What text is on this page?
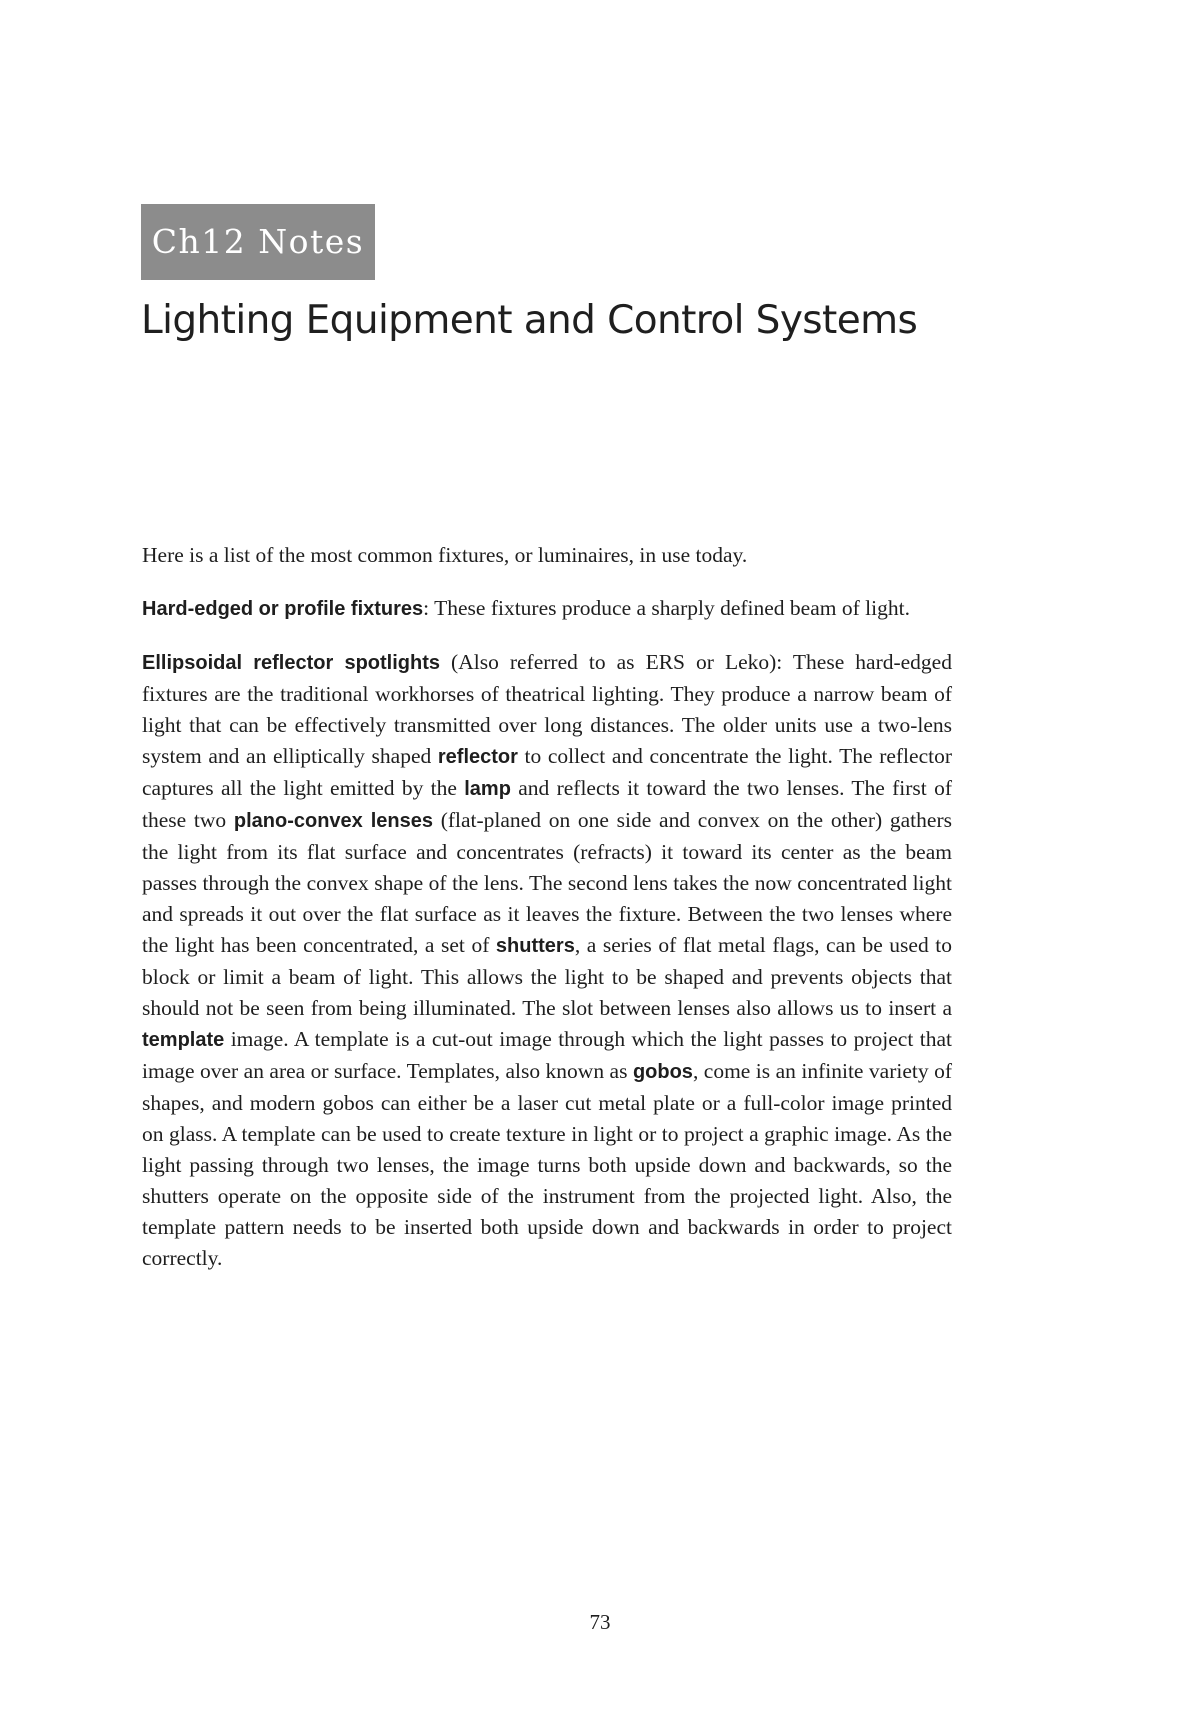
Ch12 Notes
Lighting Equipment and Control Systems

Here is a list of the most common fixtures, or luminaires, in use today.

Hard-edged or profile fixtures: These fixtures produce a sharply defined beam of light.

Ellipsoidal reflector spotlights (Also referred to as ERS or Leko): These hard-edged fixtures are the traditional workhorses of theatrical lighting. They produce a narrow beam of light that can be effectively transmitted over long distances. The older units use a two-lens system and an elliptically shaped reflector to collect and concentrate the light. The reflector captures all the light emitted by the lamp and reflects it toward the two lenses. The first of these two plano-convex lenses (flat-planed on one side and convex on the other) gathers the light from its flat surface and concentrates (refracts) it toward its center as the beam passes through the convex shape of the lens. The second lens takes the now concentrated light and spreads it out over the flat surface as it leaves the fixture. Between the two lenses where the light has been concentrated, a set of shutters, a series of flat metal flags, can be used to block or limit a beam of light. This allows the light to be shaped and prevents objects that should not be seen from being illuminated. The slot between lenses also allows us to insert a template image. A template is a cut-out image through which the light passes to project that image over an area or surface. Templates, also known as gobos, come is an infinite variety of shapes, and modern gobos can either be a laser cut metal plate or a full-color image printed on glass. A template can be used to create texture in light or to project a graphic image. As the light passing through two lenses, the image turns both upside down and backwards, so the shutters operate on the opposite side of the instrument from the projected light. Also, the template pattern needs to be inserted both upside down and backwards in order to project correctly.

73
